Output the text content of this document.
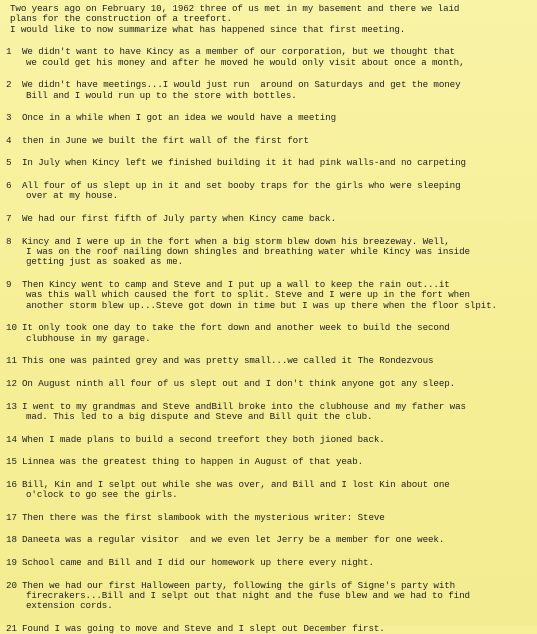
Two years ago on February 10, 1962 three of us met in my basement and there we laid
plans for the construction of a treefort.
I would like to now summarize what has happened since that first meeting.
1	We didn't want to have Kincy as a member of our corporation, but we thought that
we could get his money and after he moved he would only visit about once a month,
2	We didn't have meetings...I would just run  around on Saturdays and get the money
Bill and I would run up to the store with bottles.
3	Once in a while when I got an idea we would have a meeting
4	then in June we built the firt wall of the first fort
5	In July when Kincy left we finished building it it had pink walls-and no carpeting
6	All four of us slept up in it and set booby traps for the girls who were sleeping
over at my house.
7	We had our first fifth of July party when Kincy came back.
8	Kincy and I were up in the fort when a big storm blew down his breezeway. Well,
I was on the roof nailing down shingles and breathing water while Kincy was inside
getting just as soaked as me.
9	Then Kincy went to camp and Steve and I put up a wall to keep the rain out...it
was this wall which caused the fort to split. Steve and I were up in the fort when
another storm blew up...Steve got down in time but I was up there when the floor slpit.
10 It only took one day to take the fort down and another week to build the second
clubhouse in my garage.
11 This one was painted grey and was pretty small...we called it The Rondezvous
12 On August ninth all four of us slept out and I don't think anyone got any sleep.
13 I went to my grandmas and Steve andBill broke into the clubhouse and my father was
mad. This led to a big dispute and Steve and Bill quit the club.
14 When I made plans to build a second treefort they both jioned back.
15 Linnea was the greatest thing to happen in August of that yeab.
16 Bill, Kin and I selpt out while she was over, and Bill and I lost Kin about one
o'clock to go see the girls.
17 Then there was the first slambook with the mysterious writer: Steve
18 Daneeta was a regular visitor  and we even let Jerry be a member for one week.
19 School came and Bill and I did our homework up there every night.
20 Then we had our first Halloween party, following the girls of Signe's party with
firecrakers...Bill and I selpt out that night and the fuse blew and we had to find
extension cords.
21 Found I was going to move and Steve and I slept out December first.
